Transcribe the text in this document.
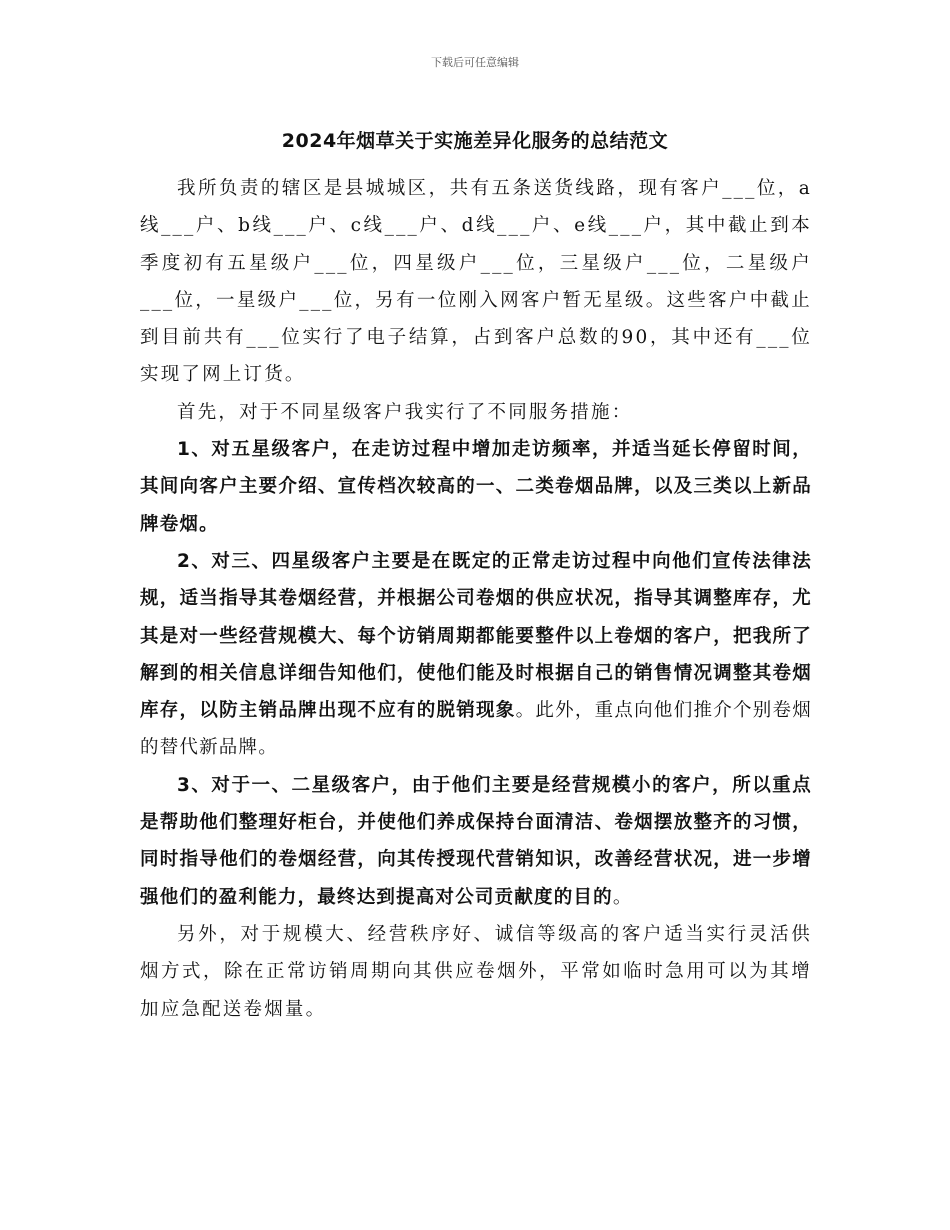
下载后可任意编辑
2024年烟草关于实施差异化服务的总结范文

我所负责的辖区是县城城区，共有五条送货线路，现有客户___位，a线___户、b线___户、c线___户、d线___户、e线___户，其中截止到本季度初有五星级户___位，四星级户___位，三星级户___位，二星级户___位，一星级户___位，另有一位刚入网客户暂无星级。这些客户中截止到目前共有___位实行了电子结算，占到客户总数的90，其中还有___位实现了网上订货。

首先，对于不同星级客户我实行了不同服务措施：

1、对五星级客户，在走访过程中增加走访频率，并适当延长停留时间，其间向客户主要介绍、宣传档次较高的一、二类卷烟品牌，以及三类以上新品牌卷烟。

2、对三、四星级客户主要是在既定的正常走访过程中向他们宣传法律法规，适当指导其卷烟经营，并根据公司卷烟的供应状况，指导其调整库存，尤其是对一些经营规模大、每个访销周期都能要整件以上卷烟的客户，把我所了解到的相关信息详细告知他们，使他们能及时根据自己的销售情况调整其卷烟库存，以防主销品牌出现不应有的脱销现象。此外，重点向他们推介个别卷烟的替代新品牌。

3、对于一、二星级客户，由于他们主要是经营规模小的客户，所以重点是帮助他们整理好柜台，并使他们养成保持台面清洁、卷烟摆放整齐的习惯，同时指导他们的卷烟经营，向其传授现代营销知识，改善经营状况，进一步增强他们的盈利能力，最终达到提高对公司贡献度的目的。

另外，对于规模大、经营秩序好、诚信等级高的客户适当实行灵活供烟方式，除在正常访销周期向其供应卷烟外，平常如临时急用可以为其增加应急配送卷烟量。
